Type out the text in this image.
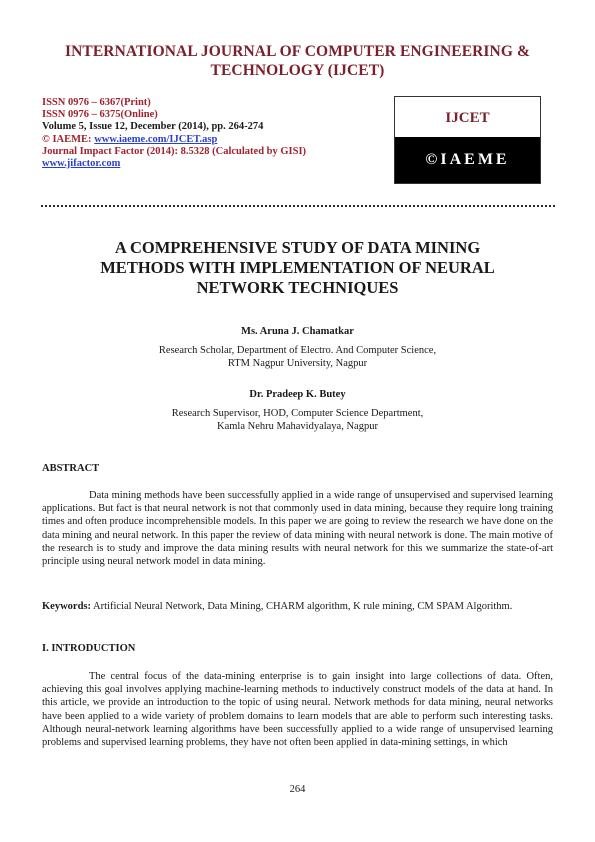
INTERNATIONAL JOURNAL OF COMPUTER ENGINEERING &
TECHNOLOGY (IJCET)
ISSN 0976 – 6367(Print)
ISSN 0976 – 6375(Online)
Volume 5, Issue 12, December (2014), pp. 264-274
© IAEME: www.iaeme.com/IJCET.asp
Journal Impact Factor (2014): 8.5328 (Calculated by GISI)
www.jifactor.com
IJCET
©IAEME
A COMPREHENSIVE STUDY OF DATA MINING
METHODS WITH IMPLEMENTATION OF NEURAL
NETWORK TECHNIQUES
Ms. Aruna J. Chamatkar
Research Scholar, Department of Electro. And Computer Science,
RTM Nagpur University, Nagpur
Dr. Pradeep K. Butey
Research Supervisor, HOD, Computer Science Department,
Kamla Nehru Mahavidyalaya, Nagpur
ABSTRACT
Data mining methods have been successfully applied in a wide range of unsupervised and supervised learning applications. But fact is that neural network is not that commonly used in data mining, because they require long training times and often produce incomprehensible models. In this paper we are going to review the research we have done on the data mining and neural network. In this paper the review of data mining with neural network is done. The main motive of the research is to study and improve the data mining results with neural network for this we summarize the state-of-art principle using neural network model in data mining.
Keywords: Artificial Neural Network, Data Mining, CHARM algorithm, K rule mining, CM SPAM Algorithm.
I. INTRODUCTION
The central focus of the data-mining enterprise is to gain insight into large collections of data. Often, achieving this goal involves applying machine-learning methods to inductively construct models of the data at hand. In this article, we provide an introduction to the topic of using neural. Network methods for data mining, neural networks have been applied to a wide variety of problem domains to learn models that are able to perform such interesting tasks. Although neural-network learning algorithms have been successfully applied to a wide range of unsupervised learning problems and supervised learning problems, they have not often been applied in data-mining settings, in which
264
